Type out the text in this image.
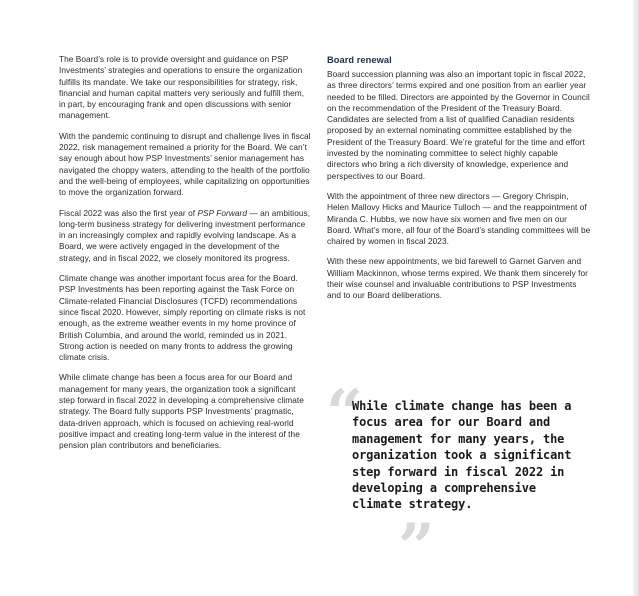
The Board’s role is to provide oversight and guidance on PSP Investments’ strategies and operations to ensure the organization fulfills its mandate. We take our responsibilities for strategy, risk, financial and human capital matters very seriously and fulfill them, in part, by encouraging frank and open discussions with senior management.

With the pandemic continuing to disrupt and challenge lives in fiscal 2022, risk management remained a priority for the Board. We can’t say enough about how PSP Investments’ senior management has navigated the choppy waters, attending to the health of the portfolio and the well-being of employees, while capitalizing on opportunities to move the organization forward.

Fiscal 2022 was also the first year of PSP Forward — an ambitious, long-term business strategy for delivering investment performance in an increasingly complex and rapidly evolving landscape. As a Board, we were actively engaged in the development of the strategy, and in fiscal 2022, we closely monitored its progress.

Climate change was another important focus area for the Board. PSP Investments has been reporting against the Task Force on Climate-related Financial Disclosures (TCFD) recommendations since fiscal 2020. However, simply reporting on climate risks is not enough, as the extreme weather events in my home province of British Columbia, and around the world, reminded us in 2021. Strong action is needed on many fronts to address the growing climate crisis.

While climate change has been a focus area for our Board and management for many years, the organization took a significant step forward in fiscal 2022 in developing a comprehensive climate strategy. The Board fully supports PSP Investments’ pragmatic, data-driven approach, which is focused on achieving real-world positive impact and creating long-term value in the interest of the pension plan contributors and beneficiaries.

Board renewal

Board succession planning was also an important topic in fiscal 2022, as three directors’ terms expired and one position from an earlier year needed to be filled. Directors are appointed by the Governor in Council on the recommendation of the President of the Treasury Board. Candidates are selected from a list of qualified Canadian residents proposed by an external nominating committee established by the President of the Treasury Board. We’re grateful for the time and effort invested by the nominating committee to select highly capable directors who bring a rich diversity of knowledge, experience and perspectives to our Board.

With the appointment of three new directors — Gregory Chrispin, Helen Mallovy Hicks and Maurice Tulloch — and the reappointment of Miranda C. Hubbs, we now have six women and five men on our Board. What’s more, all four of the Board’s standing committees will be chaired by women in fiscal 2023.

With these new appointments, we bid farewell to Garnet Garven and William Mackinnon, whose terms expired. We thank them sincerely for their wise counsel and invaluable contributions to PSP Investments and to our Board deliberations.

“
While climate change has been a focus area for our Board and management for many years, the organization took a significant step forward in fiscal 2022 in developing a comprehensive climate strategy.
”
